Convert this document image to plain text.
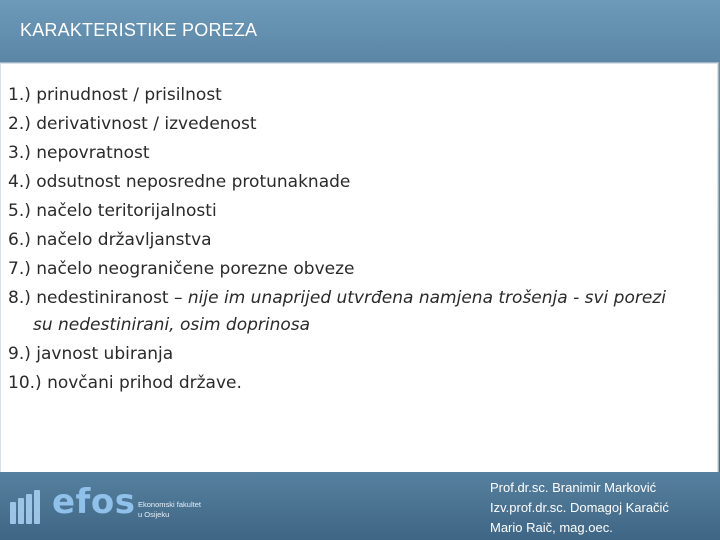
KARAKTERISTIKE POREZA
1.) prinudnost / prisilnost
2.) derivativnost / izvedenost
3.) nepovratnost
4.) odsutnost neposredne protunaknade
5.) načelo teritorijalnosti
6.) načelo državljanstva
7.) načelo neograničene porezne obveze
8.) nedestiniranost – nije im unaprijed utvrđena namjena trošenja - svi porezi
su nedestinirani, osim doprinosa
9.) javnost ubiranja
10.) novčani prihod države.
efos Ekonomski fakultet
u Osijeku
Prof.dr.sc. Branimir Marković
Izv.prof.dr.sc. Domagoj Karačić
Mario Raič, mag.oec.
